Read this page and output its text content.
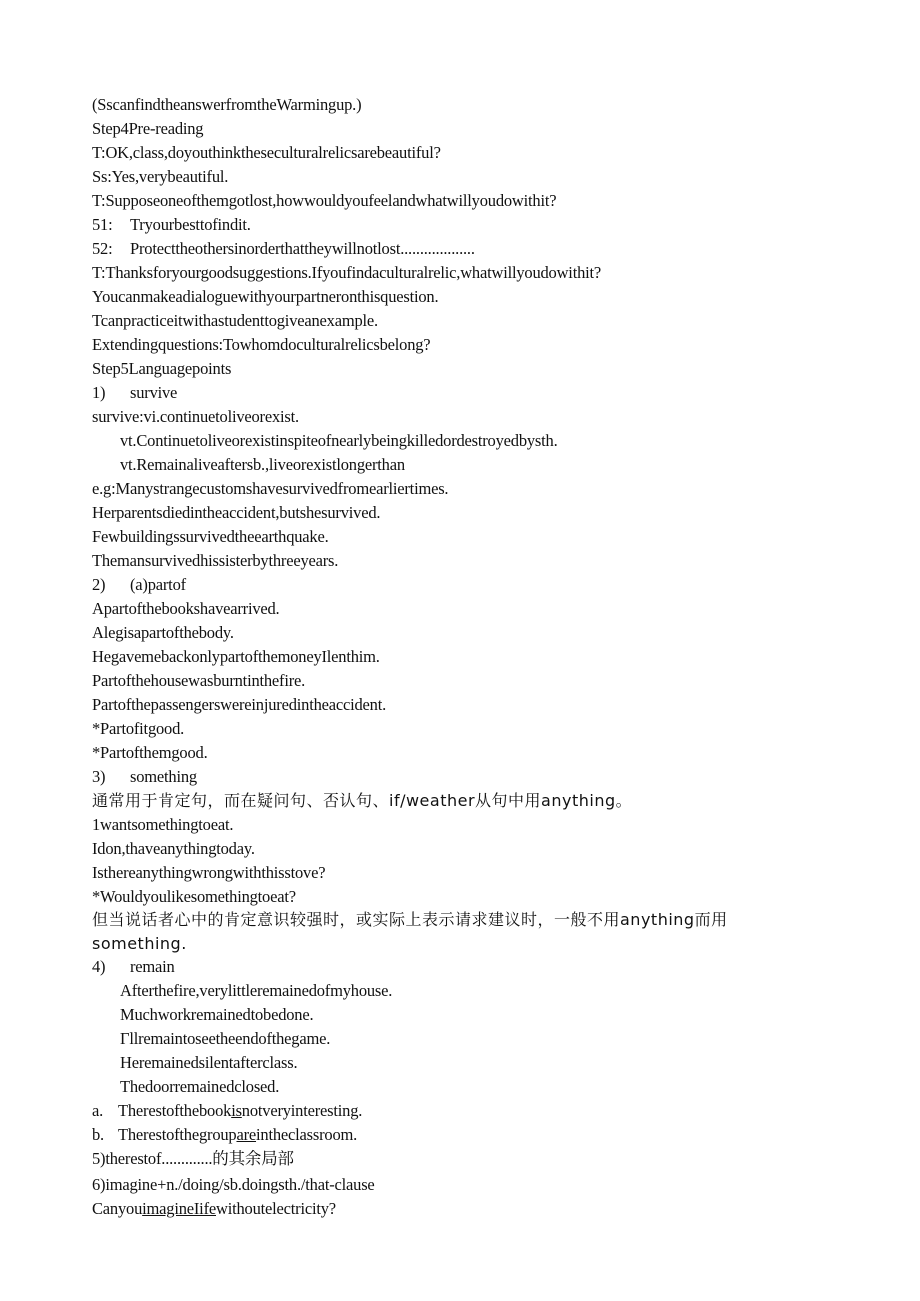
(SscanfindtheanswerfromtheWarmingup.)
Step4Pre-reading
T:OK,class,doyouthinktheseculturalrelicsarebeautiful?
Ss:Yes,verybeautiful.
T:Supposeoneofthemgotlost,howwouldyoufeelandwhatwillyoudowithit?
51: Tryourbesttofindit.
52: Protecttheothersinorderthattheywillnotlost...................
T:Thanksforyourgoodsuggestions.Ifyoufindaculturalrelic,whatwillyoudowithit?Youcanmakeadialoguewithyourpartneronthisquestion.
Tcanpracticeitwithastudenttogiveanexample.
Extendingquestions:Towhomdoculturalrelicsbelong?
Step5Languagepoints
1) survive
survive:vi.continuetoliveorexist.
vt.Continuetoliveorexistinspiteofnearlybeingkilledordestroyedbysth.
vt.Remainaliveaftersb.,liveorexistlongerthan
e.g:Manystrangecustomshavesurvivedfromearliertimes.
Herparentsdiedintheaccident,butshesurvived.
Fewbuildingssurvivedtheearthquake.
Themansurvivedhissisterbythreeyears.
2) (a)partof
Apartofthebookshavearrived.
Alegisapartofthebody.
HegavemebackonlypartofthemoneyIlenthim.
Partofthehousewasburntinthefire.
Partofthepassengerswereinjuredintheaccident.
*Partofitgood.
*Partofthemgood.
3) something
通常用于肯定句，而在疑问句、否认句、if/weather从句中用anything。
1wantsomethingtoeat.
Idon,thaveanythingtoday.
Isthereanythingwrongwiththisstove?
*Wouldyoulikesomethingtoeat?
但当说话者心中的肯定意识较强时，或实际上表示请求建议时，一般不用anything而用something.
4) remain
Afterthefire,verylittleremainedofmyhouse.
Muchworkremainedtobedone.
Γllremaintoseetheendofthegame.
Heremainedsilentafterclass.
Thedoorremainedclosed.
a. Therestofthebookisnotveryinteresting.
b. Therestofthegroupareintheclassroom.
5)therestof.............的其余局部
6)imagine+n./doing/sb.doingsth./that-clause
CanyouimagineIifewithoutelectricity?
